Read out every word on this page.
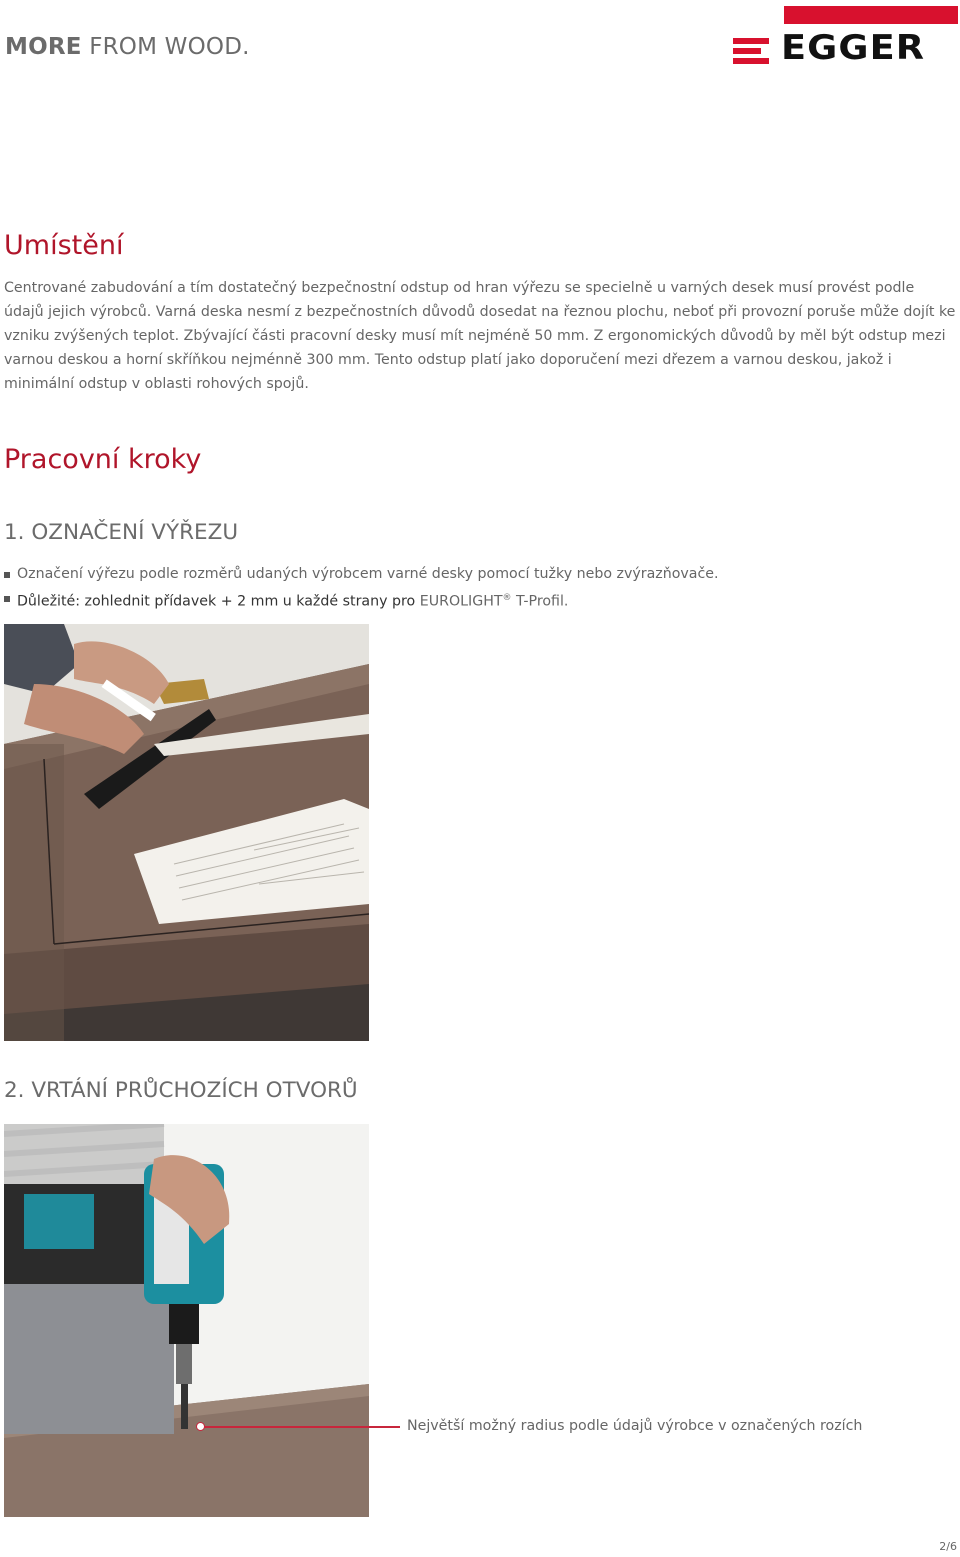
MORE FROM WOOD.	EGGER
Umístění

Centrované zabudování a tím dostatečný bezpečnostní odstup od hran výřezu se specielně u varných desek musí provést podle údajů jejich výrobců. Varná deska nesmí z bezpečnostních důvodů dosedat na řeznou plochu, neboť při provozní poruše může dojít ke vzniku zvýšených teplot. Zbývající části pracovní desky musí mít nejméně 50 mm. Z ergonomických důvodů by měl být odstup mezi varnou deskou a horní skříňkou nejménně 300 mm. Tento odstup platí jako doporučení mezi dřezem a varnou deskou, jakož i minimální odstup v oblasti rohových spojů.

Pracovní kroky
1. OZNAČENÍ VÝŘEZU
Označení výřezu podle rozměrů udaných výrobcem varné desky pomocí tužky nebo zvýrazňovače.
Důležité: zohlednit přídavek + 2 mm u každé strany pro EUROLIGHT® T-Profil.
2. VRTÁNÍ PRŮCHOZÍCH OTVORŮ
Největší možný radius podle údajů výrobce v označených rozích
2/6
